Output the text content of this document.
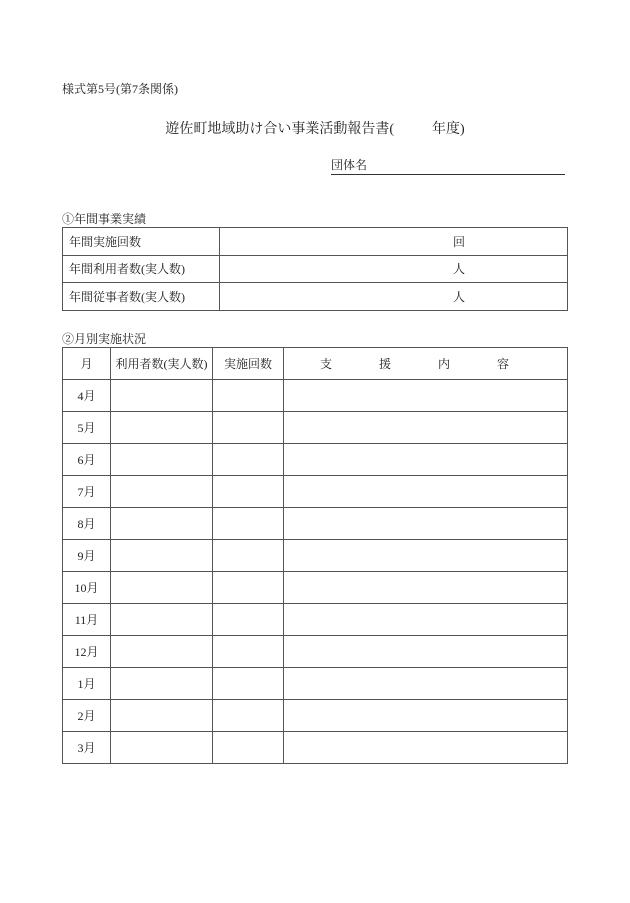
様式第5号(第7条関係)
遊佐町地域助け合い事業活動報告書(	年度)
団体名
①年間事業実績
年間実施回数	回
年間利用者数(実人数)	人
年間従事者数(実人数)	人
②月別実施状況
月	利用者数(実人数)	実施回数	支 援 内 容
4月			
5月			
6月			
7月			
8月			
9月			
10月			
11月			
12月			
1月			
2月			
3月			
